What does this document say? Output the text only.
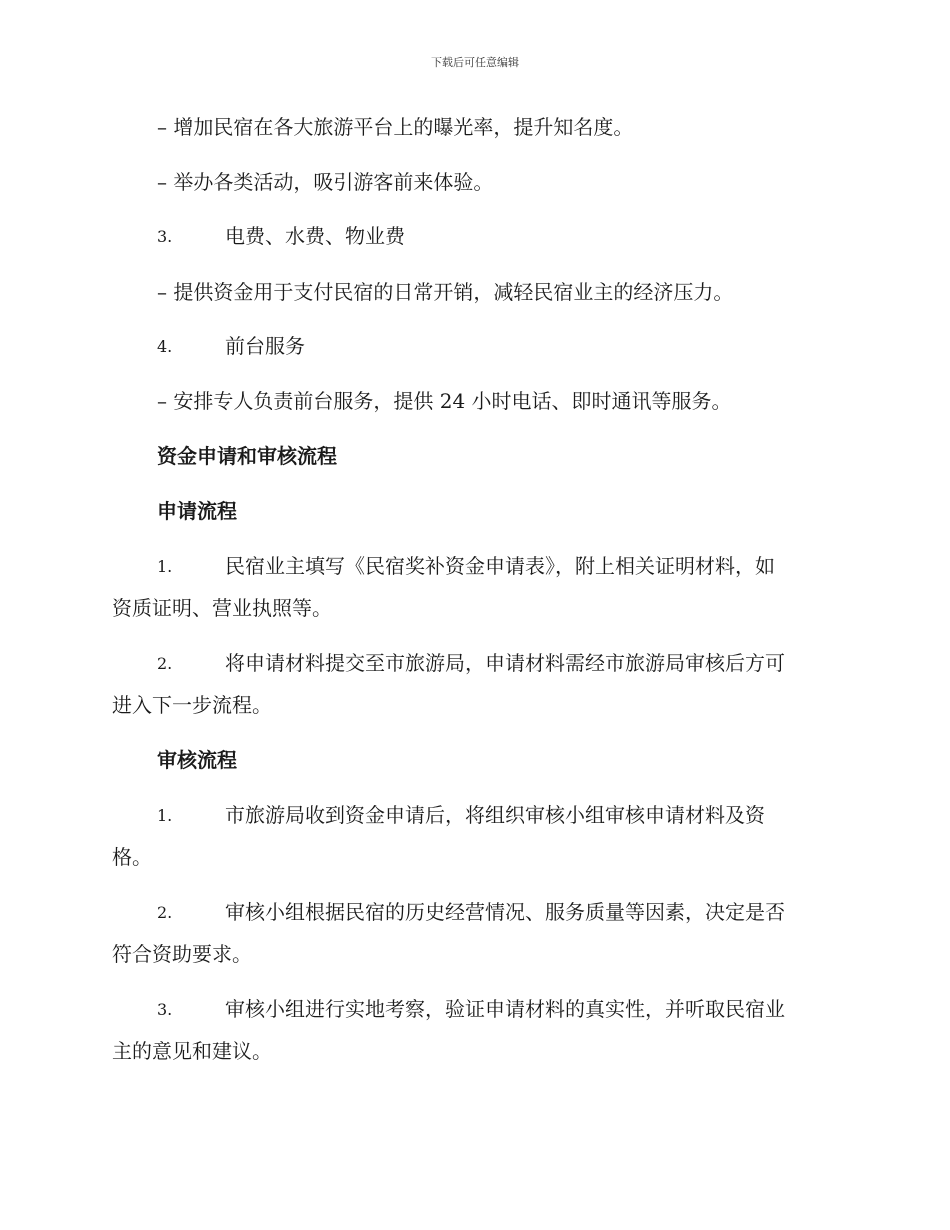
下载后可任意编辑
– 增加民宿在各大旅游平台上的曝光率，提升知名度。
– 举办各类活动，吸引游客前来体验。
3.	电费、水费、物业费
– 提供资金用于支付民宿的日常开销，减轻民宿业主的经济压力。
4.	前台服务
– 安排专人负责前台服务，提供 24 小时电话、即时通讯等服务。
资金申请和审核流程
申请流程
1.	民宿业主填写《民宿奖补资金申请表》，附上相关证明材料，如
资质证明、营业执照等。
2.	将申请材料提交至市旅游局，申请材料需经市旅游局审核后方可
进入下一步流程。
审核流程
1.	市旅游局收到资金申请后，将组织审核小组审核申请材料及资
格。
2.	审核小组根据民宿的历史经营情况、服务质量等因素，决定是否
符合资助要求。
3.	审核小组进行实地考察，验证申请材料的真实性，并听取民宿业
主的意见和建议。
